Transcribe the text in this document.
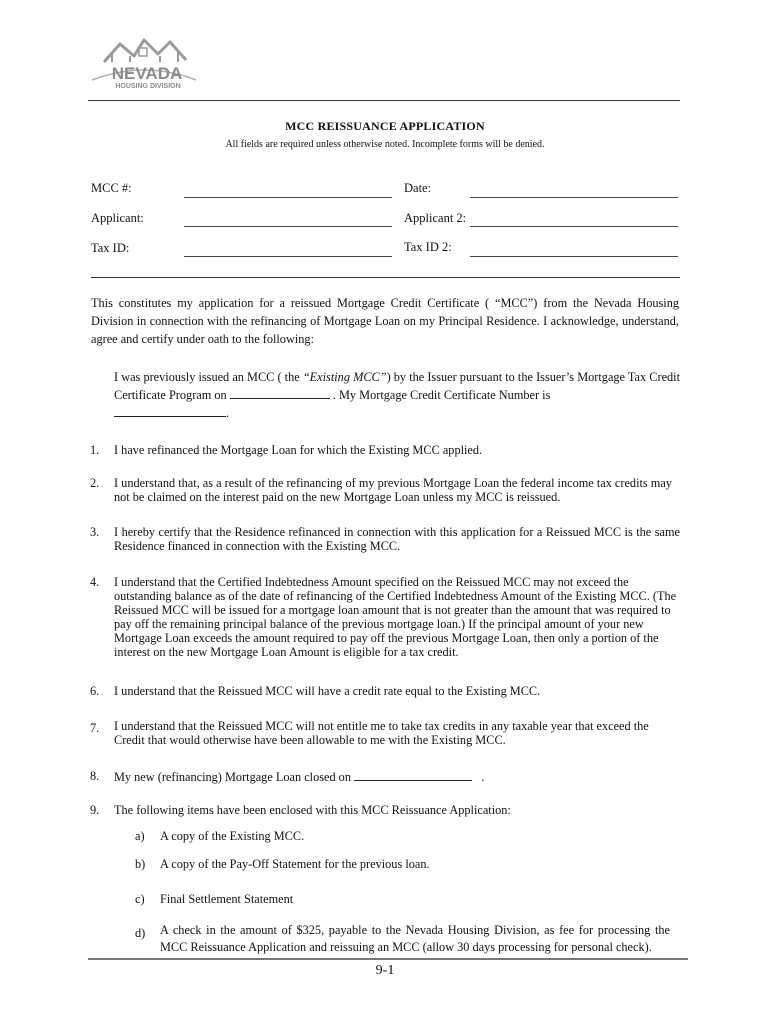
NEVADA
HOUSING DIVISION
MCC REISSUANCE APPLICATION
All fields are required unless otherwise noted. Incomplete forms will be denied.
MCC #:	Date:
Applicant:	Applicant 2:
Tax ID:	Tax ID 2:
This constitutes my application for a reissued Mortgage Credit Certificate ( “MCC”) from the Nevada Housing Division in connection with the refinancing of Mortgage Loan on my Principal Residence. I acknowledge, understand, agree and certify under oath to the following:
I was previously issued an MCC ( the “Existing MCC”) by the Issuer pursuant to the Issuer’s Mortgage Tax Credit Certificate Program on	. My Mortgage Credit Certificate Number is
.
1. I have refinanced the Mortgage Loan for which the Existing MCC applied.
2. I understand that, as a result of the refinancing of my previous Mortgage Loan the federal income tax credits may not be claimed on the interest paid on the new Mortgage Loan unless my MCC is reissued.
3. I hereby certify that the Residence refinanced in connection with this application for a Reissued MCC is the same Residence financed in connection with the Existing MCC.
4. I understand that the Certified Indebtedness Amount specified on the Reissued MCC may not exceed the outstanding balance as of the date of refinancing of the Certified Indebtedness Amount of the Existing MCC. (The Reissued MCC will be issued for a mortgage loan amount that is not greater than the amount that was required to pay off the remaining principal balance of the previous mortgage loan.) If the principal amount of your new Mortgage Loan exceeds the amount required to pay off the previous Mortgage Loan, then only a portion of the interest on the new Mortgage Loan Amount is eligible for a tax credit.
6. I understand that the Reissued MCC will have a credit rate equal to the Existing MCC.
7. I understand that the Reissued MCC will not entitle me to take tax credits in any taxable year that exceed the Credit that would otherwise have been allowable to me with the Existing MCC.
8. My new (refinancing) Mortgage Loan closed on	.
9. The following items have been enclosed with this MCC Reissuance Application:
a) A copy of the Existing MCC.
b) A copy of the Pay-Off Statement for the previous loan.
c) Final Settlement Statement
d) A check in the amount of $325, payable to the Nevada Housing Division, as fee for processing the MCC Reissuance Application and reissuing an MCC (allow 30 days processing for personal check).
9-1
